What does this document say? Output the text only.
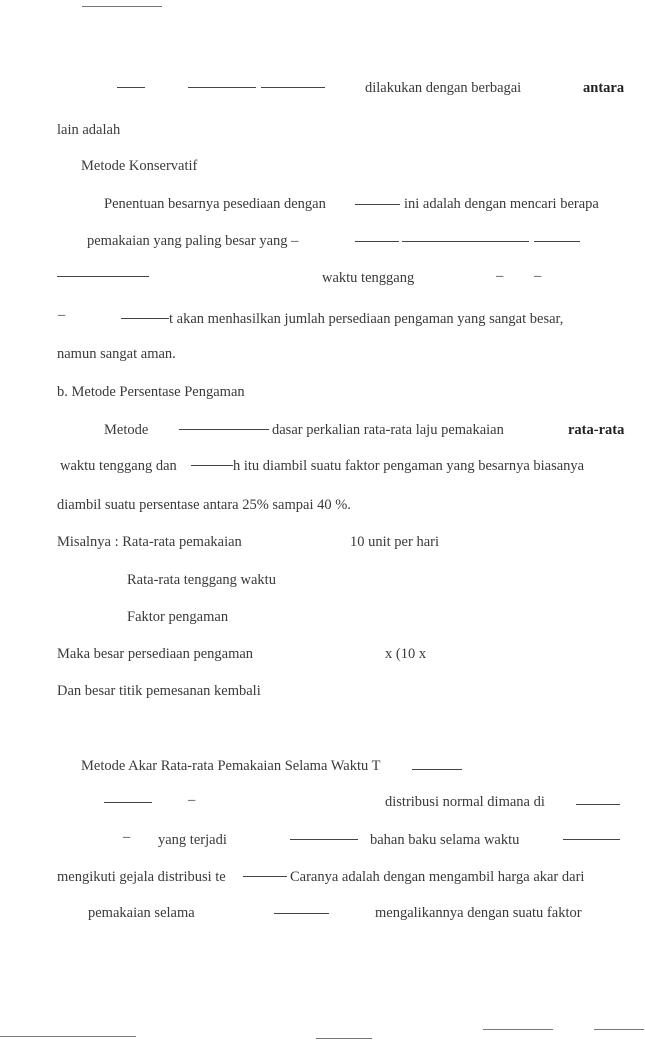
dilakukan dengan berbagai	antara
lain adalah
Metode Konservatif
Penentuan besarnya pesediaan dengan	ini adalah dengan mencari berapa
pemakaian yang paling besar yang –
waktu tenggang	– –
–	t akan menhasilkan jumlah persediaan pengaman yang sangat besar,
namun sangat aman.
b. Metode Persentase Pengaman
Metode	dasar perkalian rata-rata laju pemakaian	rata-rata
waktu tenggang dan	h itu diambil suatu faktor pengaman yang besarnya biasanya
diambil suatu persentase antara 25% sampai 40 %.
Misalnya : Rata-rata pemakaian	10 unit per hari
Rata-rata tenggang waktu
Faktor pengaman
Maka besar persediaan pengaman	x (10 x
Dan besar titik pemesanan kembali
Metode Akar Rata-rata Pemakaian Selama Waktu T
–	distribusi normal dimana di
– yang terjadi	bahan baku selama waktu
mengikuti gejala distribusi te	Caranya adalah dengan mengambil harga akar dari
pemakaian selama	mengalikannya dengan suatu faktor
